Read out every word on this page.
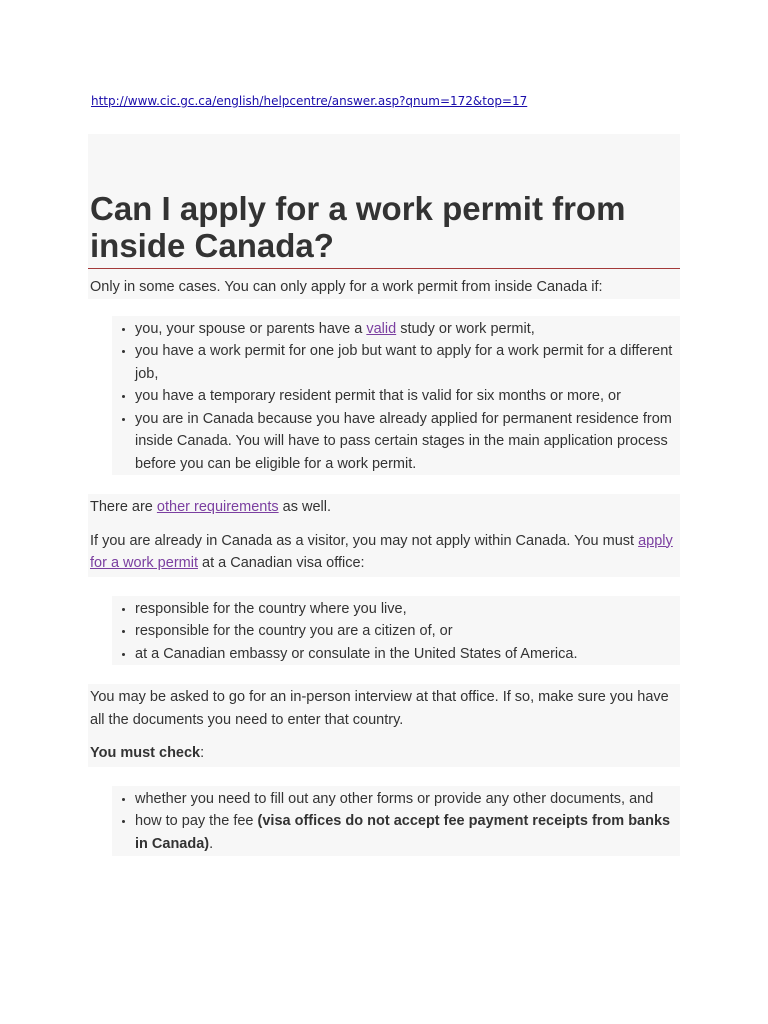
http://www.cic.gc.ca/english/helpcentre/answer.asp?qnum=172&top=17
Can I apply for a work permit from inside Canada?

Only in some cases. You can only apply for a work permit from inside Canada if:

• you, your spouse or parents have a valid study or work permit,
• you have a work permit for one job but want to apply for a work permit for a different job,
• you have a temporary resident permit that is valid for six months or more, or
• you are in Canada because you have already applied for permanent residence from inside Canada. You will have to pass certain stages in the main application process before you can be eligible for a work permit.

There are other requirements as well.

If you are already in Canada as a visitor, you may not apply within Canada. You must apply for a work permit at a Canadian visa office:

• responsible for the country where you live,
• responsible for the country you are a citizen of, or
• at a Canadian embassy or consulate in the United States of America.

You may be asked to go for an in-person interview at that office. If so, make sure you have all the documents you need to enter that country.

You must check:

• whether you need to fill out any other forms or provide any other documents, and
• how to pay the fee (visa offices do not accept fee payment receipts from banks in Canada).
